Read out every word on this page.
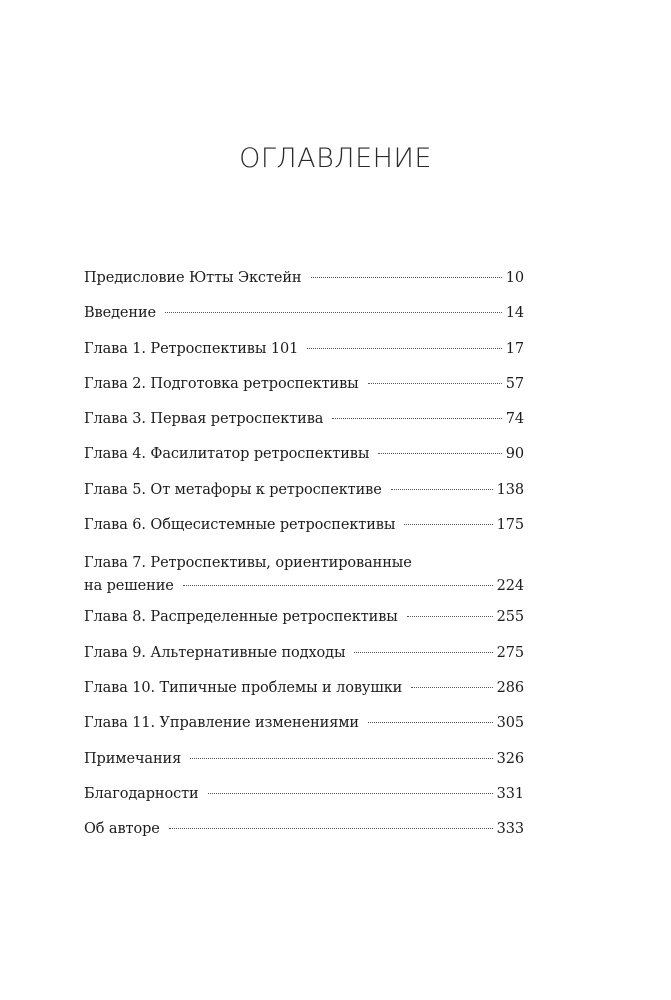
ОГЛАВЛЕНИЕ
Предисловие Ютты Экстейн	10
Введение	14
Глава 1. Ретроспективы 101	17
Глава 2. Подготовка ретроспективы	57
Глава 3. Первая ретроспектива	74
Глава 4. Фасилитатор ретроспективы	90
Глава 5. От метафоры к ретроспективе	138
Глава 6. Общесистемные ретроспективы	175
Глава 7. Ретроспективы, ориентированные
на решение	224
Глава 8. Распределенные ретроспективы	255
Глава 9. Альтернативные подходы	275
Глава 10. Типичные проблемы и ловушки	286
Глава 11. Управление изменениями	305
Примечания	326
Благодарности	331
Об авторе	333
